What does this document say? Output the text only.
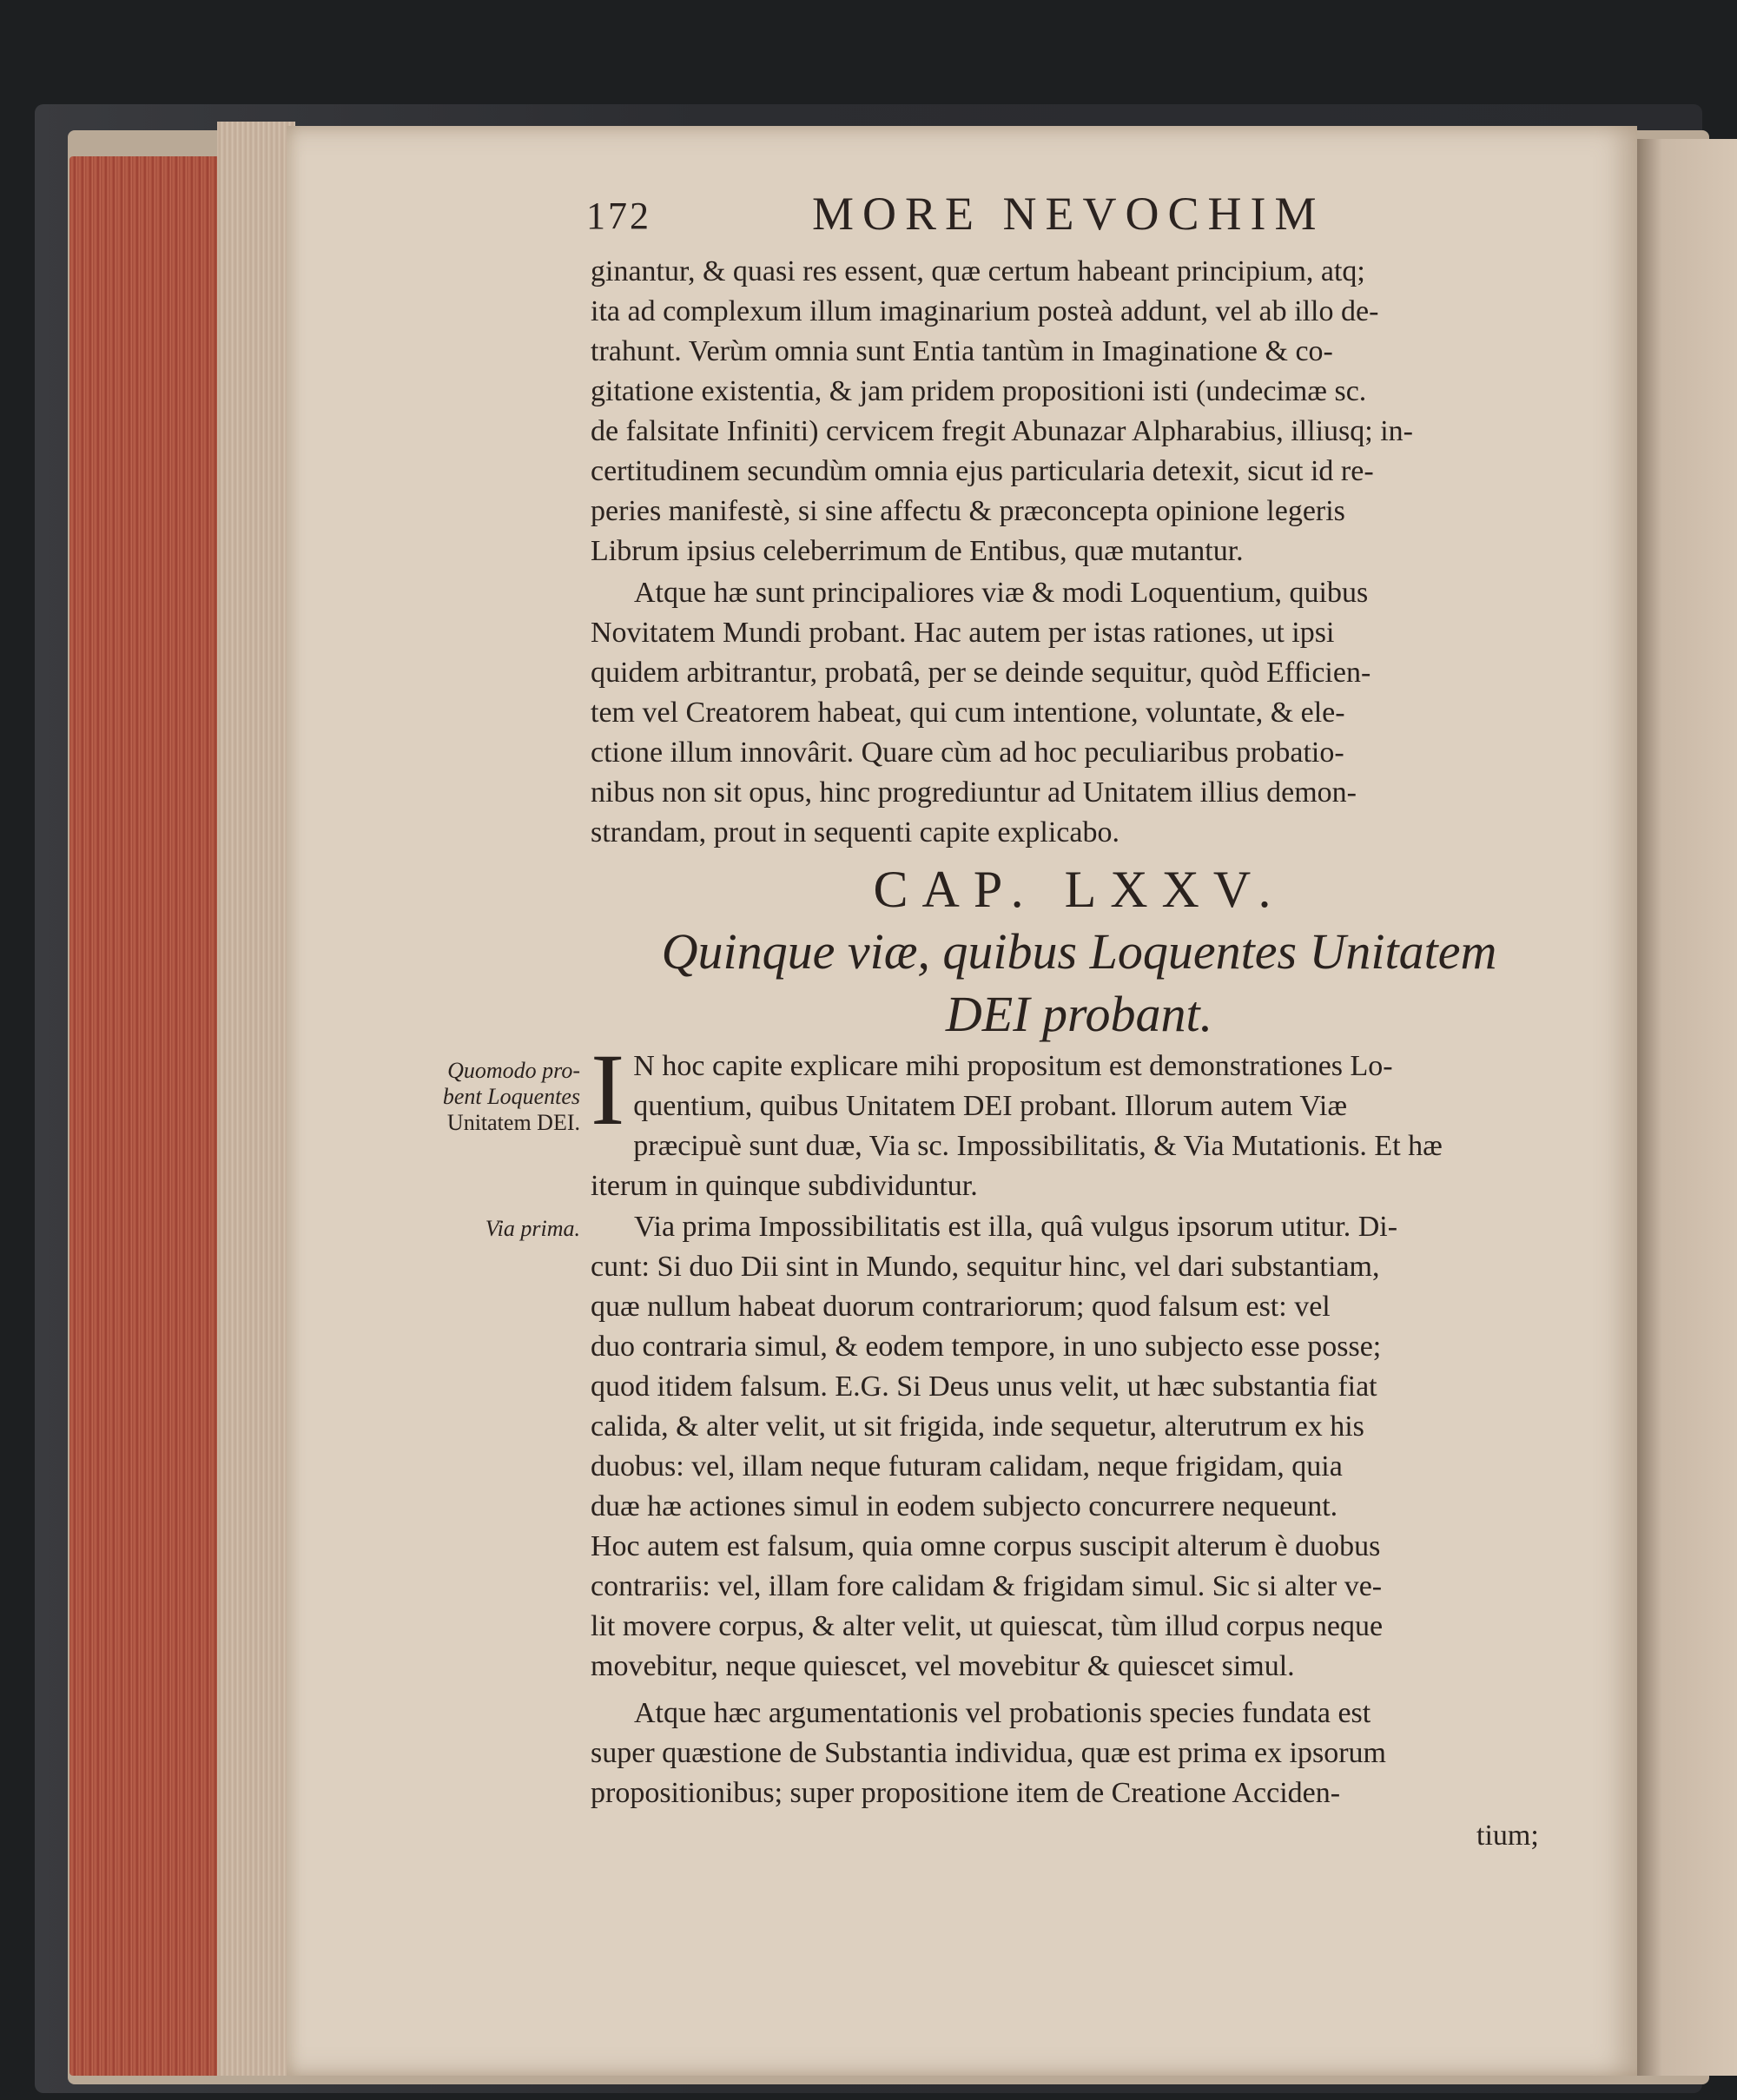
172	MORE NEVOCHIM
ginantur, & quasi res essent, quæ certum habeant principium, atq;
ita ad complexum illum imaginarium posteà addunt, vel ab illo de-
trahunt. Verùm omnia sunt Entia tantùm in Imaginatione & co-
gitatione existentia, & jam pridem propositioni isti (undecimæ sc.
de falsitate Infiniti) cervicem fregit Abunazar Alpharabius, illiusq; in-
certitudinem secundùm omnia ejus particularia detexit, sicut id re-
peries manifestè, si sine affectu & præconcepta opinione legeris
Librum ipsius celeberrimum de Entibus, quæ mutantur.
Atque hæ sunt principaliores viæ & modi Loquentium, quibus
Novitatem Mundi probant. Hac autem per istas rationes, ut ipsi
quidem arbitrantur, probatâ, per se deinde sequitur, quòd Efficien-
tem vel Creatorem habeat, qui cum intentione, voluntate, & ele-
ctione illum innovârit. Quare cùm ad hoc peculiaribus probatio-
nibus non sit opus, hinc progrediuntur ad Unitatem illius demon-
strandam, prout in sequenti capite explicabo.
CAP. LXXV.
Quinque viæ, quibus Loquentes Unitatem
DEI probant.
I N hoc capite explicare mihi propositum est demonstrationes Lo-
quentium, quibus Unitatem DEI probant. Illorum autem Viæ
præcipuè sunt duæ, Via sc. Impossibilitatis, & Via Mutationis. Et hæ
iterum in quinque subdividuntur.
Via prima Impossibilitatis est illa, quâ vulgus ipsorum utitur. Di-
cunt: Si duo Dii sint in Mundo, sequitur hinc, vel dari substantiam,
quæ nullum habeat duorum contrariorum; quod falsum est: vel
duo contraria simul, & eodem tempore, in uno subjecto esse posse;
quod itidem falsum. E.G. Si Deus unus velit, ut hæc substantia fiat
calida, & alter velit, ut sit frigida, inde sequetur, alterutrum ex his
duobus: vel, illam neque futuram calidam, neque frigidam, quia
duæ hæ actiones simul in eodem subjecto concurrere nequeunt.
Hoc autem est falsum, quia omne corpus suscipit alterum è duobus
contrariis: vel, illam fore calidam & frigidam simul. Sic si alter ve-
lit movere corpus, & alter velit, ut quiescat, tùm illud corpus neque
movebitur, neque quiescet, vel movebitur & quiescet simul.
Atque hæc argumentationis vel probationis species fundata est
super quæstione de Substantia individua, quæ est prima ex ipsorum
propositionibus; super propositione item de Creatione Acciden-
tium;
Quomodo pro-
bent Loquentes
Unitatem DEI.
Via prima.
